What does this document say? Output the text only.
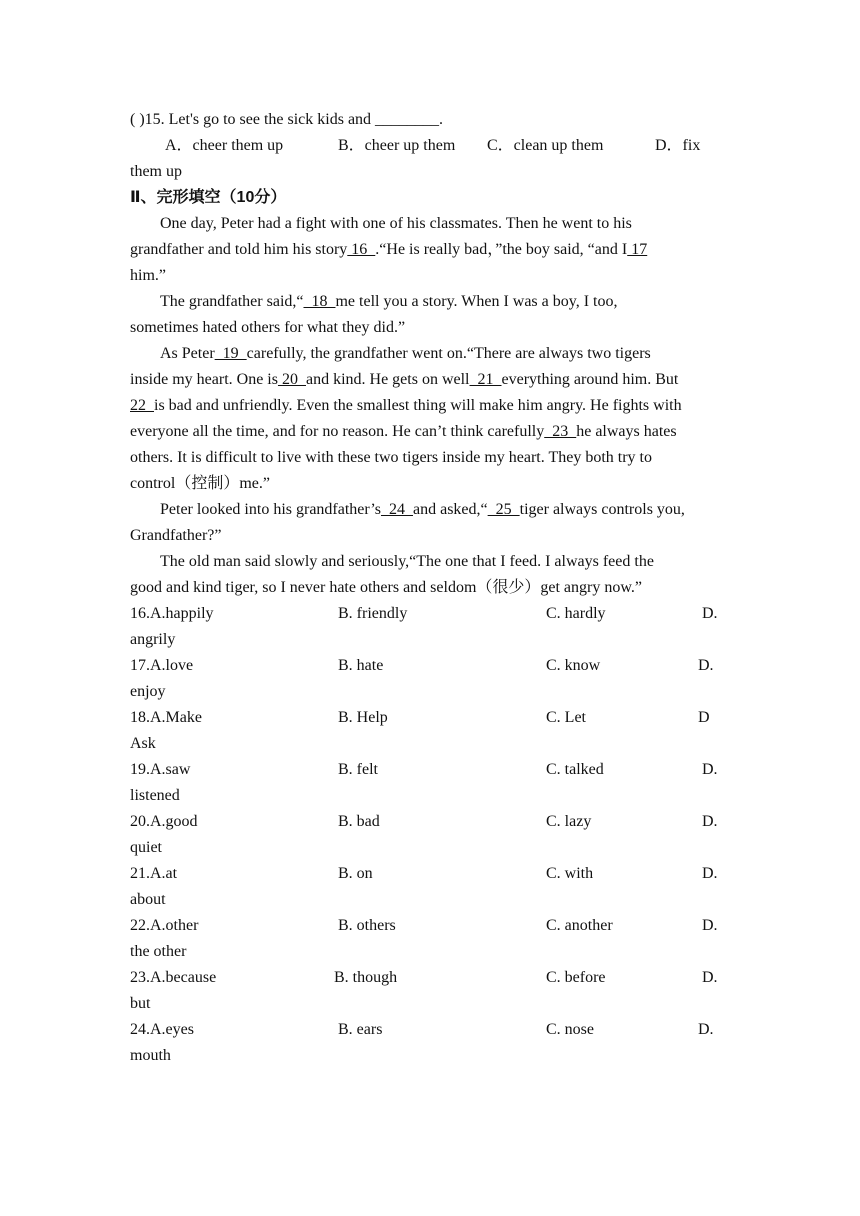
( )15. Let's go to see the sick kids and ________.
A．cheer them up	B．cheer up them C．clean up them	D．fix
them up
Ⅱ、完形填空（10分）
One day, Peter had a fight with one of his classmates. Then he went to his
grandfather and told him his story 16  .“He is really bad，”the boy said, “and I 17
him.”
The grandfather said,“  18  me tell you a story. When I was a boy, I too,
sometimes hated others for what they did.”
As Peter  19  carefully, the grandfather went on.“There are always two tigers
inside my heart. One is 20  and kind. He gets on well  21  everything around him. But
22  is bad and unfriendly. Even the smallest thing will make him angry. He fights with
everyone all the time, and for no reason. He can’t think carefully  23  he always hates
others. It is difficult to live with these two tigers inside my heart. They both try to
control（控制）me.”
Peter looked into his grandfather’s  24  and asked,“  25  tiger always controls you,
Grandfather?”
The old man said slowly and seriously,“The one that I feed. I always feed the
good and kind tiger, so I never hate others and seldom（很少）get angry now.”
16.A.happily	B. friendly	C. hardly	D.
angrily
17.A.love	B. hate	C. know	D.
enjoy
18.A.Make	B. Help	C. Let	D
Ask
19.A.saw	B. felt	C. talked	D.
listened
20.A.good	B. bad	C. lazy	D.
quiet
21.A.at	B. on	C. with	D.
about
22.A.other	B. others	C. another	D.
the other
23.A.because	B. though	C. before	D.
but
24.A.eyes	B. ears	C. nose	D.
mouth
